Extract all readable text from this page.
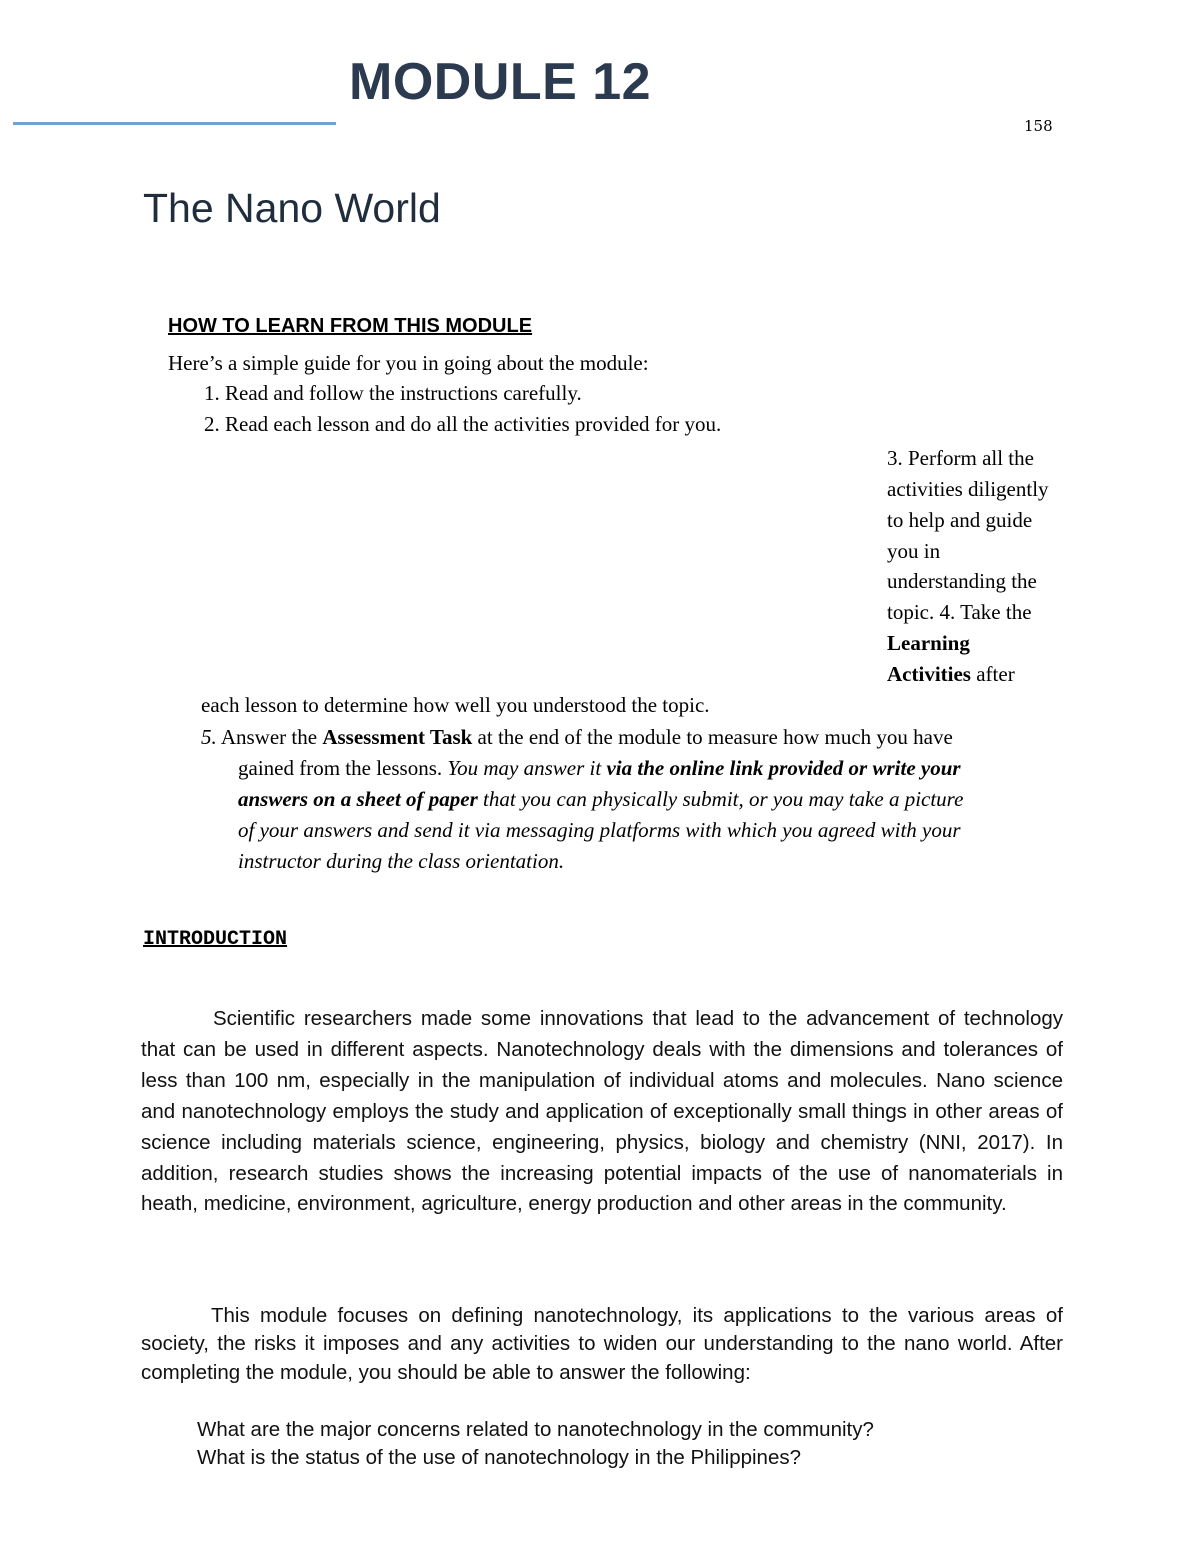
MODULE 12
158
The Nano World
HOW TO LEARN FROM THIS MODULE
Here’s a simple guide for you in going about the module:
1. Read and follow the instructions carefully.
2. Read each lesson and do all the activities provided for you.
3. Perform all the
activities diligently
to help and guide
you in
understanding the
topic. 4. Take the
Learning
Activities after
each lesson to determine how well you understood the topic.
5. Answer the Assessment Task at the end of the module to measure how much you have
gained from the lessons. You may answer it via the online link provided or write your
answers on a sheet of paper that you can physically submit, or you may take a picture
of your answers and send it via messaging platforms with which you agreed with your
instructor during the class orientation.
INTRODUCTION

Scientific researchers made some innovations that lead to the advancement of technology that can be used in different aspects. Nanotechnology deals with the dimensions and tolerances of less than 100 nm, especially in the manipulation of individual atoms and molecules. Nano science and nanotechnology employs the study and application of exceptionally small things in other areas of science including materials science, engineering, physics, biology and chemistry (NNI, 2017). In addition, research studies shows the increasing potential impacts of the use of nanomaterials in heath, medicine, environment, agriculture, energy production and other areas in the community.

This module focuses on defining nanotechnology, its applications to the various areas of society, the risks it imposes and any activities to widen our understanding to the nano world. After completing the module, you should be able to answer the following:

What are the major concerns related to nanotechnology in the community?
What is the status of the use of nanotechnology in the Philippines?
